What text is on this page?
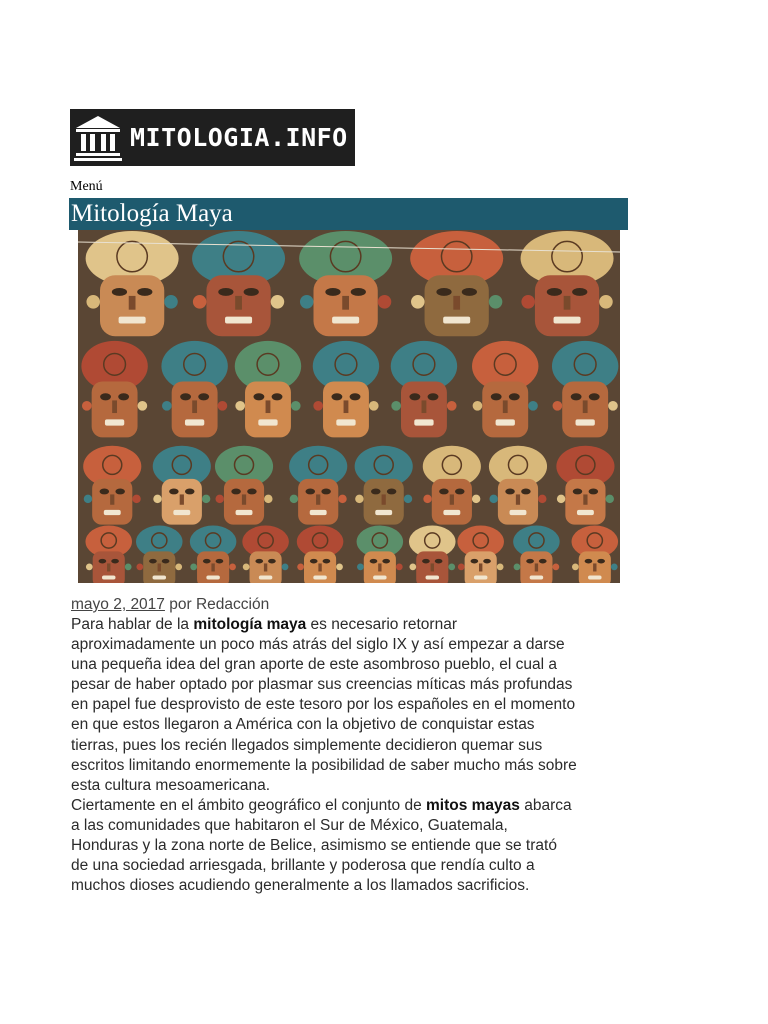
MITOLOGIA.INFO
Menú
Mitología Maya
mayo 2, 2017 por Redacción

Para hablar de la mitología maya es necesario retornar
aproximadamente un poco más atrás del siglo IX y así empezar a darse
una pequeña idea del gran aporte de este asombroso pueblo, el cual a
pesar de haber optado por plasmar sus creencias míticas más profundas
en papel fue desprovisto de este tesoro por los españoles en el momento
en que estos llegaron a América con la objetivo de conquistar estas
tierras, pues los recién llegados simplemente decidieron quemar sus
escritos limitando enormemente la posibilidad de saber mucho más sobre
esta cultura mesoamericana.

Ciertamente en el ámbito geográfico el conjunto de mitos mayas abarca
a las comunidades que habitaron el Sur de México, Guatemala,
Honduras y la zona norte de Belice, asimismo se entiende que se trató
de una sociedad arriesgada, brillante y poderosa que rendía culto a
muchos dioses acudiendo generalmente a los llamados sacrificios.
